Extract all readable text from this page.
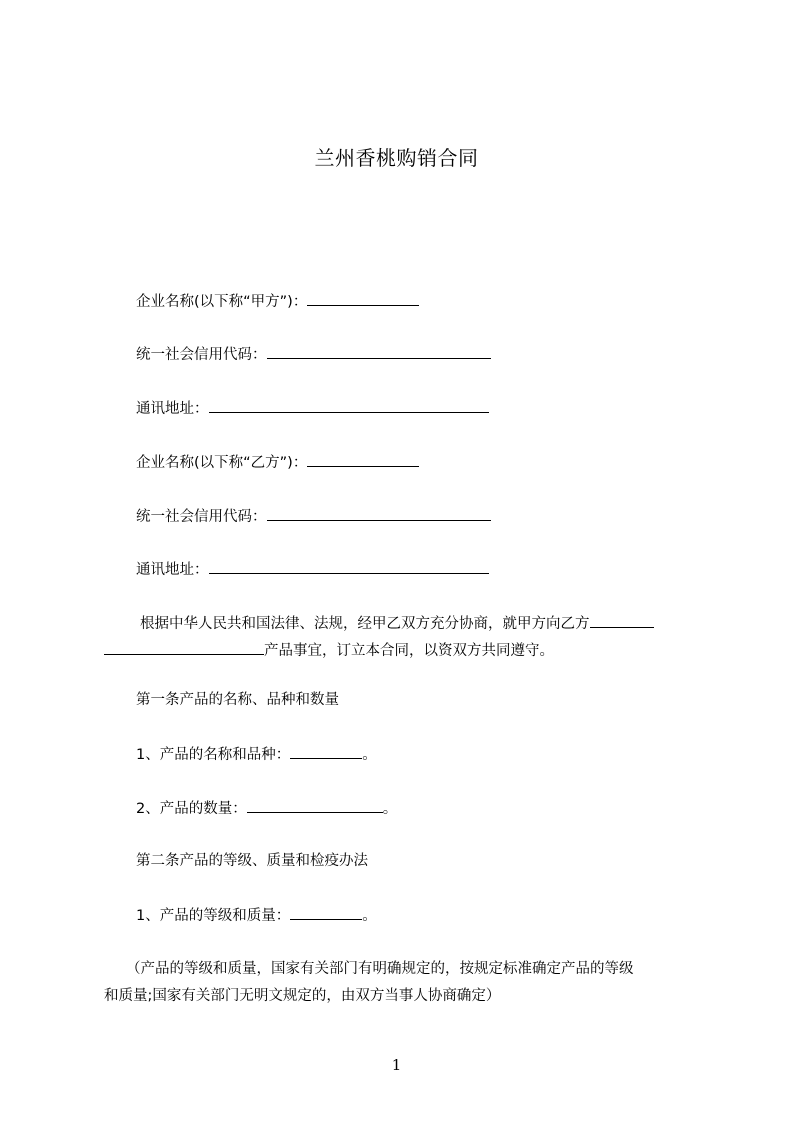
兰州香桃购销合同
企业名称(以下称“甲方”)：
统一社会信用代码：
通讯地址：
企业名称(以下称“乙方”)：
统一社会信用代码：
通讯地址：
根据中华人民共和国法律、法规，经甲乙双方充分协商，就甲方向乙方
产品事宜，订立本合同，以资双方共同遵守。
第一条产品的名称、品种和数量
1、产品的名称和品种：	。
2、产品的数量：	。
第二条产品的等级、质量和检疫办法
1、产品的等级和质量：	。
（产品的等级和质量，国家有关部门有明确规定的，按规定标准确定产品的等级
和质量;国家有关部门无明文规定的，由双方当事人协商确定）
1
